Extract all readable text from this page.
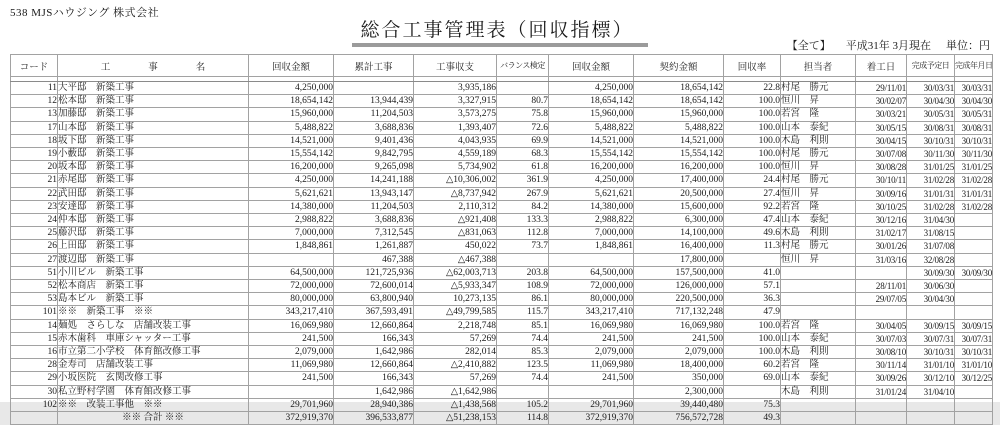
538 MJSハウジング 株式会社
総合工事管理表（回収指標）
【全て】 平成31年 3月現在 単位：円
コード	工　　　　事　　　　名	回収金額	累計工事	工事収支	バランス検定	回収金額	契約金額	回収率	担当者	着工日	完成予定日	完成年月日

11	大平邸　新築工事	4,250,000		3,935,186		4,250,000	18,654,142	22.8	村尾　勝元	29/11/01	30/03/31	30/03/31
12	松本邸　新築工事	18,654,142	13,944,439	3,327,915	80.7	18,654,142	18,654,142	100.0	恒川　昇	30/02/07	30/04/30	30/04/30
13	加藤邸　新築工事	15,960,000	11,204,503	3,573,275	75.8	15,960,000	15,960,000	100.0	若宮　隆	30/03/21	30/05/31	30/05/31
17	山本邸　新築工事	5,488,822	3,688,836	1,393,407	72.6	5,488,822	5,488,822	100.0	山本　泰紀	30/05/15	30/08/31	30/08/31
18	坂下邸　新築工事	14,521,000	9,401,436	4,043,935	69.9	14,521,000	14,521,000	100.0	木島　利則	30/04/15	30/10/31	30/10/31
19	小藪邸　新築工事	15,554,142	9,842,795	4,559,189	68.3	15,554,142	15,554,142	100.0	村尾　勝元	30/07/08	30/11/30	30/11/30
20	坂本邸　新築工事	16,200,000	9,265,098	5,734,902	61.8	16,200,000	16,200,000	100.0	恒川　昇	30/08/28	31/01/25	31/01/25
21	赤尾邸　新築工事	4,250,000	14,241,188	△10,306,002	361.9	4,250,000	17,400,000	24.4	村尾　勝元	30/10/11	31/02/28	31/02/28
22	武田邸　新築工事	5,621,621	13,943,147	△8,737,942	267.9	5,621,621	20,500,000	27.4	恒川　昇	30/09/16	31/01/31	31/01/31
23	安達邸　新築工事	14,380,000	11,204,503	2,110,312	84.2	14,380,000	15,600,000	92.2	若宮　隆	30/10/25	31/02/28	31/02/28
24	仲本邸　新築工事	2,988,822	3,688,836	△921,408	133.3	2,988,822	6,300,000	47.4	山本　泰紀	30/12/16	31/04/30	
25	藤沢邸　新築工事	7,000,000	7,312,545	△831,063	112.8	7,000,000	14,100,000	49.6	木島　利則	31/02/17	31/08/15	
26	上田邸　新築工事	1,848,861	1,261,887	450,022	73.7	1,848,861	16,400,000	11.3	村尾　勝元	30/01/26	31/07/08	
27	渡辺邸　新築工事		467,388	△467,388			17,800,000		恒川　昇	31/03/16	32/08/28	
51	小川ビル　新築工事	64,500,000	121,725,936	△62,003,713	203.8	64,500,000	157,500,000	41.0			30/09/30	30/09/30
52	松本商店　新築工事	72,000,000	72,600,014	△5,933,347	108.9	72,000,000	126,000,000	57.1		28/11/01	30/06/30	
53	島本ビル　新築工事	80,000,000	63,800,940	10,273,135	86.1	80,000,000	220,500,000	36.3		29/07/05	30/04/30	
101	※※　新築工事　※※	343,217,410	367,593,491	△49,799,585	115.7	343,217,410	717,132,248	47.9				
14	麺処　さらしな　店舗改装工事	16,069,980	12,660,864	2,218,748	85.1	16,069,980	16,069,980	100.0	若宮　隆	30/04/05	30/09/15	30/09/15
15	赤木歯科　車庫シャッター工事	241,500	166,343	57,269	74.4	241,500	241,500	100.0	山本　泰紀	30/07/03	30/07/31	30/07/31
16	市立第二小学校　体育館改修工事	2,079,000	1,642,986	282,014	85.3	2,079,000	2,079,000	100.0	木島　利則	30/08/10	30/10/31	30/10/31
28	金寿司　店舗改装工事	11,069,980	12,660,864	△2,410,882	123.5	11,069,980	18,400,000	60.2	若宮　隆	30/11/14	31/01/10	31/01/10
29	小坂医院　玄関改修工事	241,500	166,343	57,269	74.4	241,500	350,000	69.0	山本　泰紀	30/09/26	30/12/10	30/12/25
30	私立野村学園　体育館改修工事		1,642,986	△1,642,986			2,300,000		木島　利則	31/01/24	31/04/10	
102	※※　改装工事他　※※	29,701,960	28,940,386	△1,438,568	105.2	29,701,960	39,440,480	75.3				
	※※ 合計 ※※	372,919,370	396,533,877	△51,238,153	114.8	372,919,370	756,572,728	49.3				
